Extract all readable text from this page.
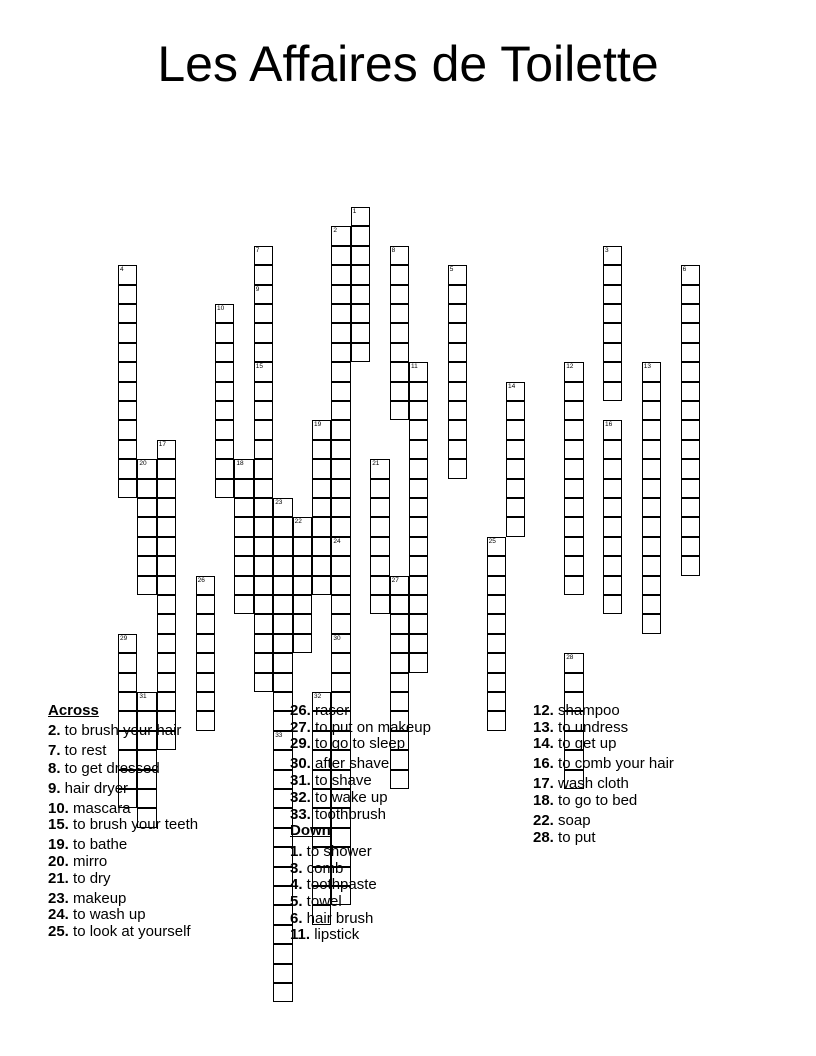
Les Affaires de Toilette
2
24
7
9
15
8
10
19
20	21
23
30
25
26	27
29
31	32
33
1
3
4	5	6
11	12	13
14
16
17
18
22
28
Across
2. to brush your hair
7. to rest
8. to get dressed
9. hair dryer
10. mascara
15. to brush your teeth
19. to bathe
20. mirro
21. to dry
23. makeup
24. to wash up
25. to look at yourself
26. raser
27. to put on makeup
29. to go to sleep
30. after shave
31. to shave
32. to wake up
33. toothbrush
Down
1. to shower
3. comb
4. toothpaste
5. towel
6. hair brush
11. lipstick
12. shampoo
13. to undress
14. to get up
16. to comb your hair
17. wash cloth
18. to go to bed
22. soap
28. to put
